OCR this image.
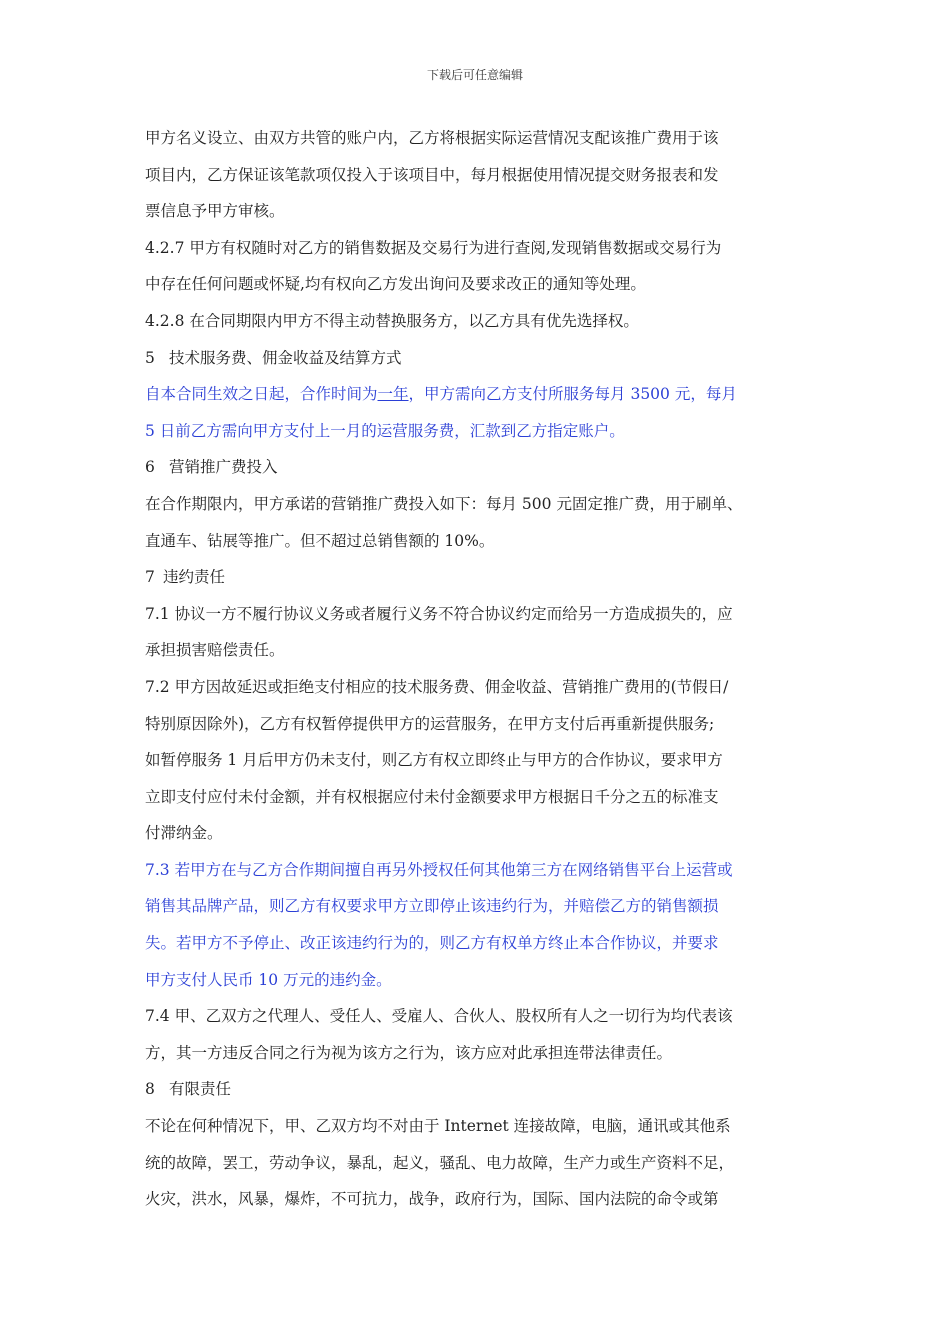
下载后可任意编辑
甲方名义设立、由双方共管的账户内，乙方将根据实际运营情况支配该推广费用于该
项目内，乙方保证该笔款项仅投入于该项目中，每月根据使用情况提交财务报表和发
票信息予甲方审核。
4.2.7 甲方有权随时对乙方的销售数据及交易行为进行查阅,发现销售数据或交易行为
中存在任何问题或怀疑,均有权向乙方发出询问及要求改正的通知等处理。
4.2.8 在合同期限内甲方不得主动替换服务方，以乙方具有优先选择权。
5 技术服务费、佣金收益及结算方式
自本合同生效之日起，合作时间为一年，甲方需向乙方支付所服务每月 3500 元，每月
5 日前乙方需向甲方支付上一月的运营服务费，汇款到乙方指定账户。
6 营销推广费投入
在合作期限内，甲方承诺的营销推广费投入如下：每月 500 元固定推广费，用于刷单、
直通车、钻展等推广。但不超过总销售额的 10%。
7 违约责任
7.1 协议一方不履行协议义务或者履行义务不符合协议约定而给另一方造成损失的，应
承担损害赔偿责任。
7.2 甲方因故延迟或拒绝支付相应的技术服务费、佣金收益、营销推广费用的(节假日/
特别原因除外)，乙方有权暂停提供甲方的运营服务，在甲方支付后再重新提供服务;
如暂停服务 1 月后甲方仍未支付，则乙方有权立即终止与甲方的合作协议，要求甲方
立即支付应付未付金额，并有权根据应付未付金额要求甲方根据日千分之五的标准支
付滞纳金。
7.3 若甲方在与乙方合作期间擅自再另外授权任何其他第三方在网络销售平台上运营或
销售其品牌产品，则乙方有权要求甲方立即停止该违约行为，并赔偿乙方的销售额损
失。若甲方不予停止、改正该违约行为的，则乙方有权单方终止本合作协议，并要求
甲方支付人民币 10 万元的违约金。
7.4 甲、乙双方之代理人、受任人、受雇人、合伙人、股权所有人之一切行为均代表该
方，其一方违反合同之行为视为该方之行为，该方应对此承担连带法律责任。
8 有限责任
不论在何种情况下，甲、乙双方均不对由于 Internet 连接故障，电脑，通讯或其他系
统的故障，罢工，劳动争议，暴乱，起义，骚乱、电力故障，生产力或生产资料不足，
火灾，洪水，风暴，爆炸，不可抗力，战争，政府行为，国际、国内法院的命令或第
